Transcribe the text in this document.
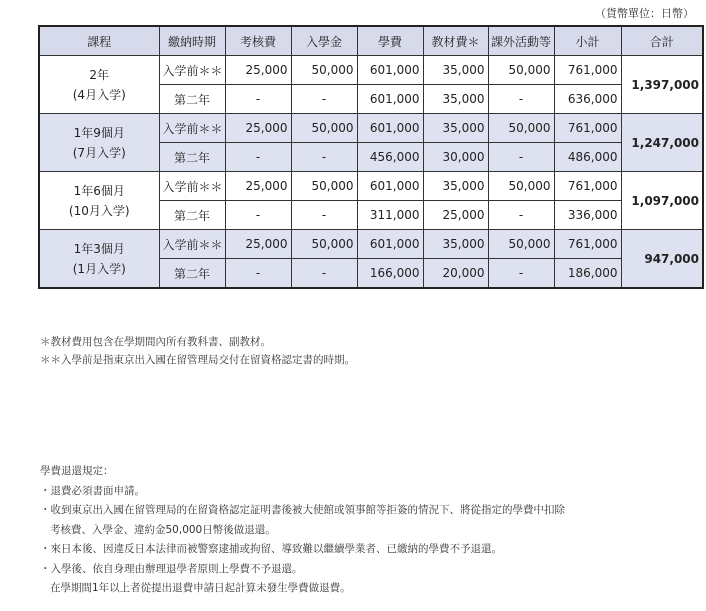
（貨幣單位：日幣）
課程	繳納時期	考核費	入學金	學費	教材費＊	課外活動等	小計	合計

2年
(4月入学)	入学前＊＊	25,000	50,000	601,000	35,000	50,000	761,000	1,397,000
	第二年	-	-	601,000	35,000	-	636,000	

1年9個月
(7月入学)	入学前＊＊	25,000	50,000	601,000	35,000	50,000	761,000	1,247,000
	第二年	-	-	456,000	30,000	-	486,000	

1年6個月
(10月入学)	入学前＊＊	25,000	50,000	601,000	35,000	50,000	761,000	1,097,000
	第二年	-	-	311,000	25,000	-	336,000	

1年3個月
(1月入学)	入学前＊＊	25,000	50,000	601,000	35,000	50,000	761,000	947,000
	第二年	-	-	166,000	20,000	-	186,000	
＊教材費用包含在學期間內所有教科書、副教材。
＊＊入學前是指東京出入國在留管理局交付在留資格認定書的時期。
學費退還規定：
・退費必須書面申請。
・收到東京出入國在留管理局的在留資格認定証明書後被大使館或領事館等拒簽的情況下、將從指定的學費中扣除
考核費、入學金、違約金50,000日幣後做退還。
・來日本後、因違反日本法律而被警察逮捕或拘留、導致難以繼續學業者、已繳納的學費不予退還。
・入學後、依自身理由辦理退學者原則上學費不予退還。
在學期間1年以上者從提出退費申請日起計算未發生學費做退費。
